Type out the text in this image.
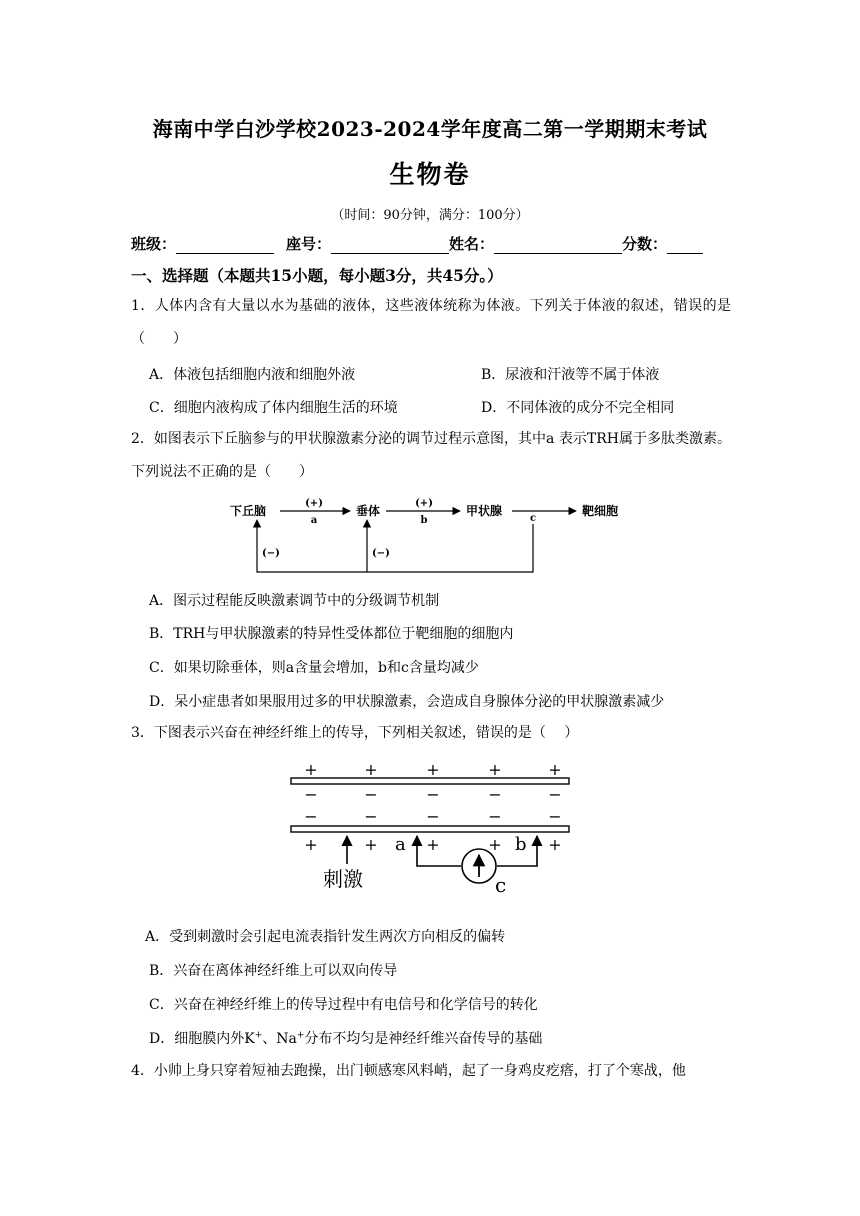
海南中学白沙学校2023-2024学年度高二第一学期期末考试
生物卷
（时间：90分钟，满分：100分）
班级：	座号：	姓名：	分数：
一、选择题（本题共15小题，每小题3分，共45分。）
1．人体内含有大量以水为基础的液体，这些液体统称为体液。下列关于体液的叙述，错误的是（　　）
A．体液包括细胞内液和细胞外液	B．尿液和汗液等不属于体液
C．细胞内液构成了体内细胞生活的环境	D．不同体液的成分不完全相同
2．如图表示下丘脑参与的甲状腺激素分泌的调节过程示意图，其中a 表示TRH属于多肽类激素。下列说法不正确的是（　　）
下丘脑	垂体	甲状腺	靶细胞
(+)	(+)
a	b	c
(−)	(−)
A．图示过程能反映激素调节中的分级调节机制
B．TRH与甲状腺激素的特异性受体都位于靶细胞的细胞内
C．如果切除垂体，则a含量会增加，b和c含量均减少
D．呆小症患者如果服用过多的甲状腺激素，会造成自身腺体分泌的甲状腺激素减少
3．下图表示兴奋在神经纤维上的传导，下列相关叙述，错误的是（　 ）
+	+	+	+	+
−	−	−	−	−
−	−	−	−	−
+	+	+	+	+
刺激
a	b
c
A．受到刺激时会引起电流表指针发生两次方向相反的偏转
B．兴奋在离体神经纤维上可以双向传导
C．兴奋在神经纤维上的传导过程中有电信号和化学信号的转化
D．细胞膜内外K+、Na+分布不均匀是神经纤维兴奋传导的基础
4．小帅上身只穿着短袖去跑操，出门顿感寒风料峭，起了一身鸡皮疙瘩，打了个寒战，他
